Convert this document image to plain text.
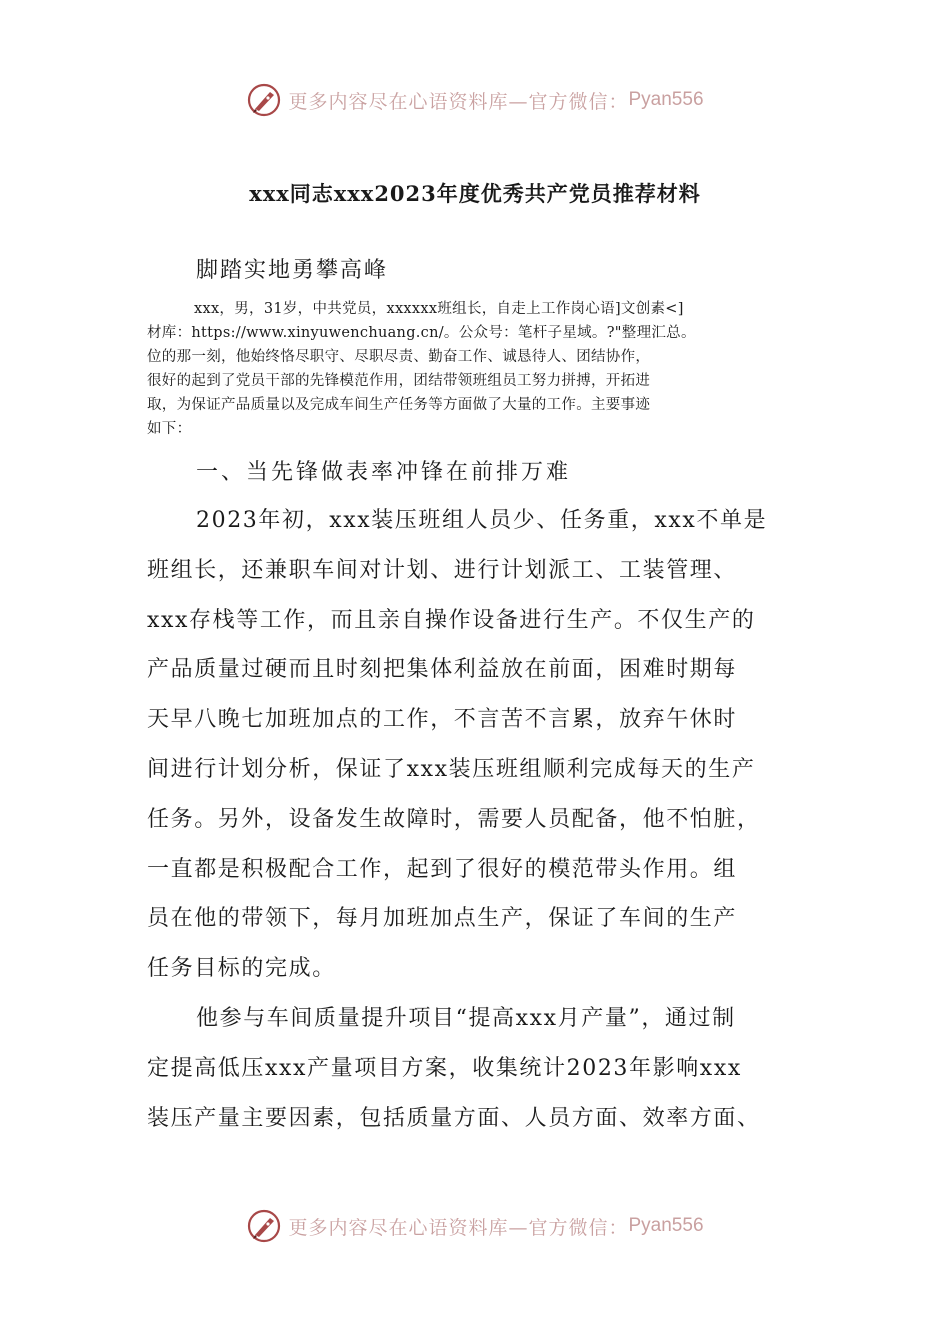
更多内容尽在心语资料库—官方微信： Pyan556
xxx同志xxx2023年度优秀共产党员推荐材料
脚踏实地勇攀高峰
xxx，男，31岁，中共党员，xxxxxx班组长，自走上工作岗心语]文创素<]
材库：https://www.xinyuwenchuang.cn/。公众号：笔杆子星域。?"整理汇总。
位的那一刻，他始终恪尽职守、尽职尽责、勤奋工作、诚恳待人、团结协作，
很好的起到了党员干部的先锋模范作用，团结带领班组员工努力拼搏，开拓进
取，为保证产品质量以及完成车间生产任务等方面做了大量的工作。主要事迹
如下：
一、当先锋做表率冲锋在前排万难
2023年初，xxx装压班组人员少、任务重，xxx不单是
班组长，还兼职车间对计划、进行计划派工、工装管理、
xxx存栈等工作，而且亲自操作设备进行生产。不仅生产的
产品质量过硬而且时刻把集体利益放在前面，困难时期每
天早八晚七加班加点的工作，不言苦不言累，放弃午休时
间进行计划分析，保证了xxx装压班组顺利完成每天的生产
任务。另外，设备发生故障时，需要人员配备，他不怕脏，
一直都是积极配合工作，起到了很好的模范带头作用。组
员在他的带领下，每月加班加点生产，保证了车间的生产
任务目标的完成。
他参与车间质量提升项目“提高xxx月产量”，通过制
定提高低压xxx产量项目方案，收集统计2023年影响xxx
装压产量主要因素，包括质量方面、人员方面、效率方面、
更多内容尽在心语资料库—官方微信： Pyan556
